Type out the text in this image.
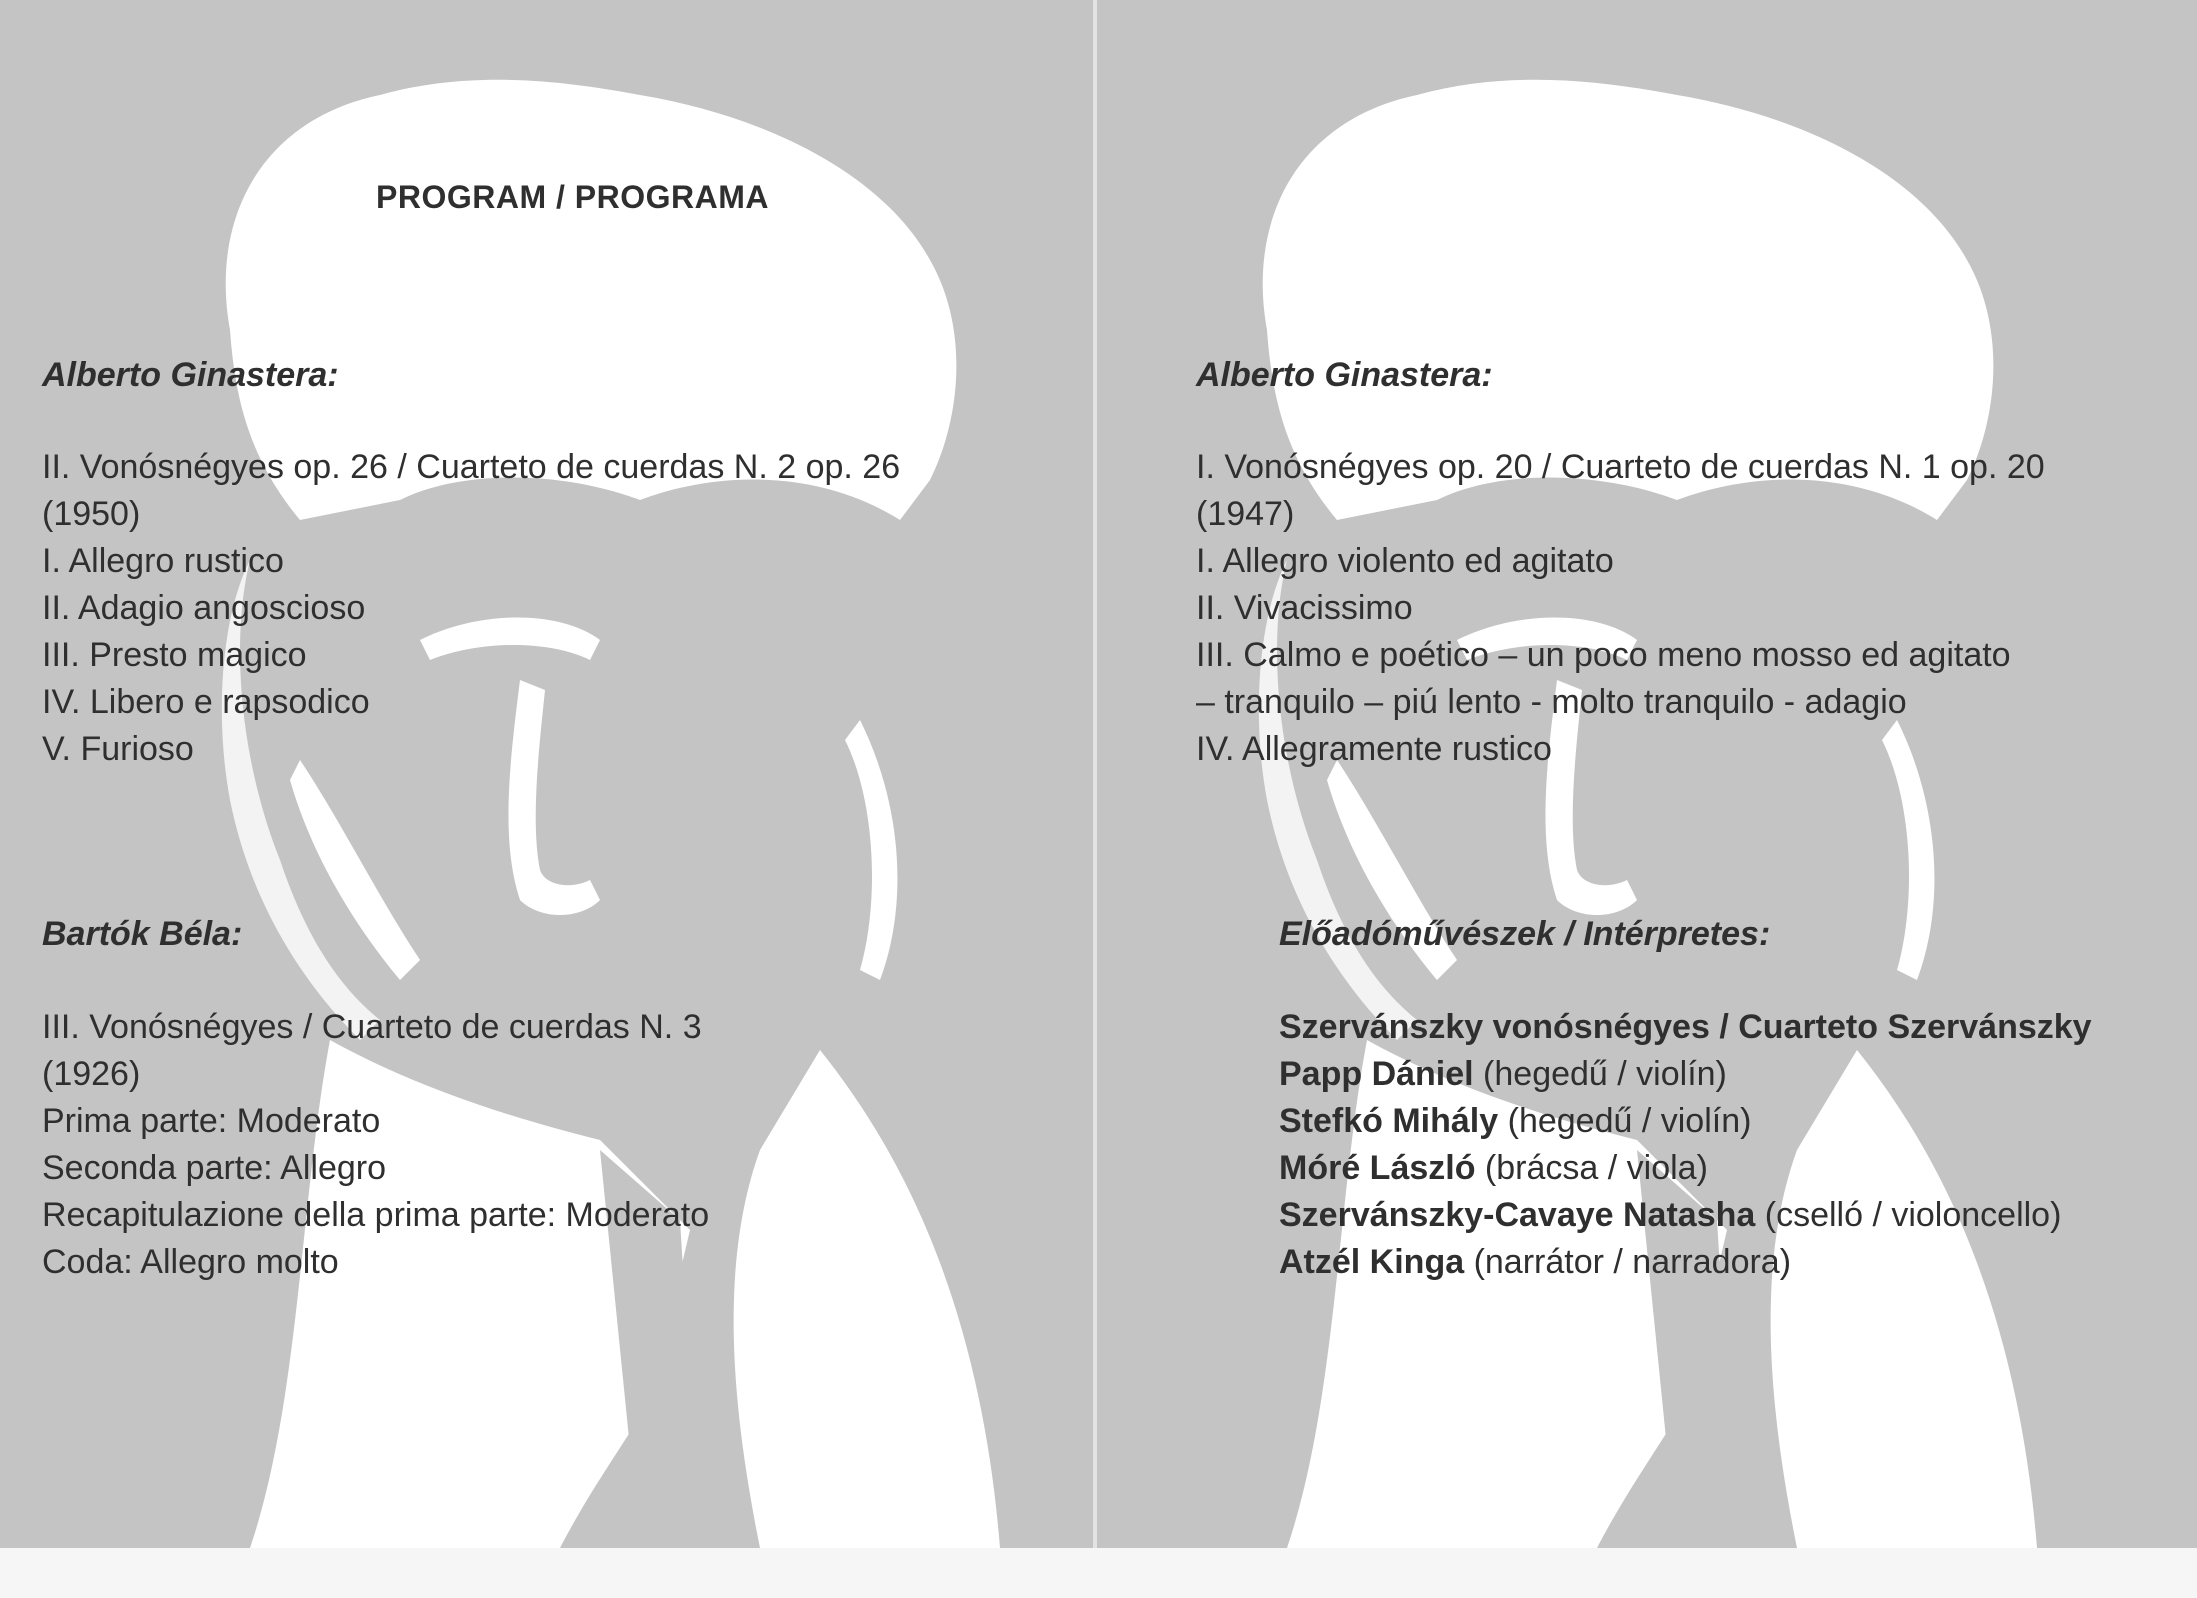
PROGRAM / PROGRAMA
Alberto Ginastera:
II. Vonósnégyes op. 26 / Cuarteto de cuerdas N. 2 op. 26
(1950)
I. Allegro rustico
II. Adagio angoscioso
III. Presto magico
IV. Libero e rapsodico
V. Furioso
Bartók Béla:
III. Vonósnégyes / Cuarteto de cuerdas N. 3
(1926)
Prima parte: Moderato
Seconda parte: Allegro
Recapitulazione della prima parte: Moderato
Coda: Allegro molto
Alberto Ginastera:
I. Vonósnégyes op. 20 / Cuarteto de cuerdas N. 1 op. 20
(1947)
I. Allegro violento ed agitato
II. Vivacissimo
III. Calmo e poético – un poco meno mosso ed agitato
– tranquilo – piú lento - molto tranquilo - adagio
IV. Allegramente rustico
Előadóművészek / Intérpretes:
Szervánszky vonósnégyes / Cuarteto Szervánszky
Papp Dániel (hegedű / violín)
Stefkó Mihály (hegedű / violín)
Móré László (brácsa / viola)
Szervánszky-Cavaye Natasha (cselló / violoncello)
Atzél Kinga (narrátor / narradora)
